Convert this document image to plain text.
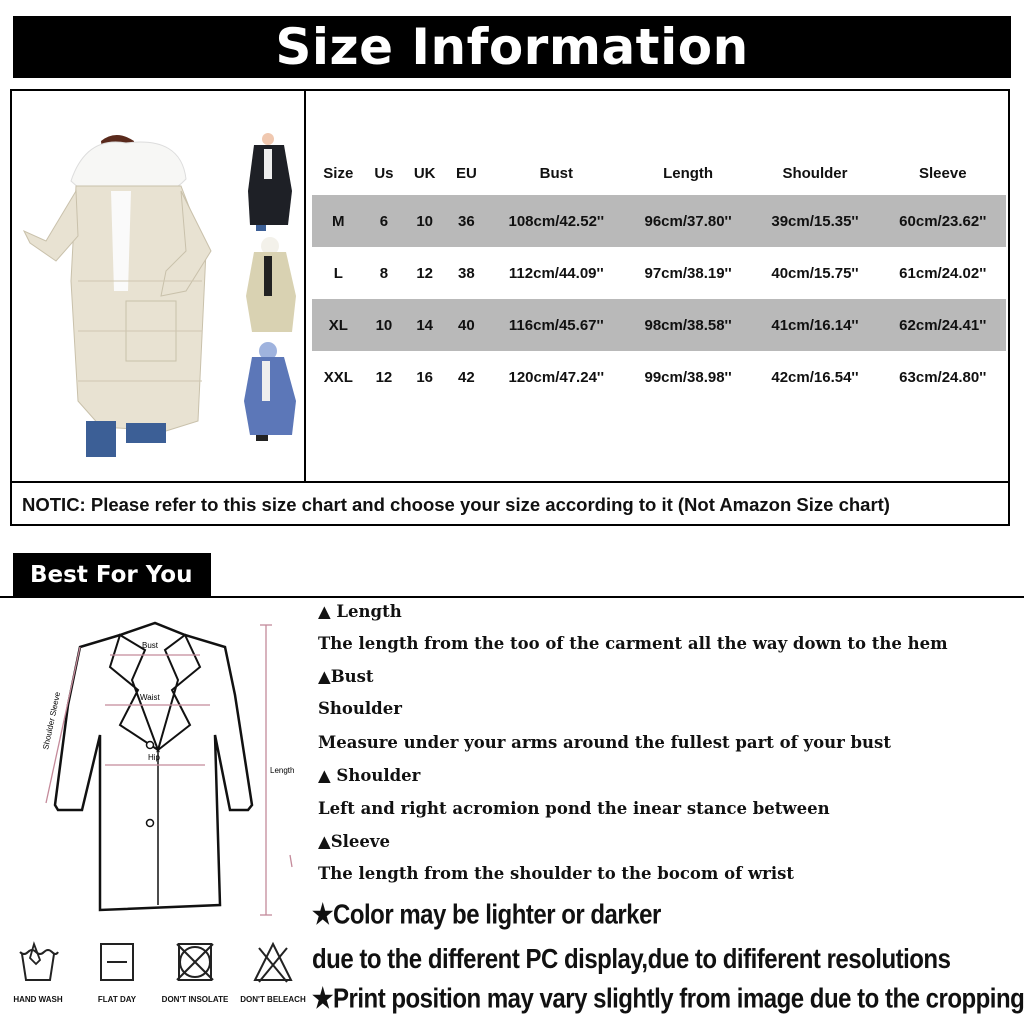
Size Information
Size	Us	UK	EU	Bust	Length	Shoulder	Sleeve
M	6	10	36	108cm/42.52''	96cm/37.80''	39cm/15.35''	60cm/23.62''
L	8	12	38	112cm/44.09''	97cm/38.19''	40cm/15.75''	61cm/24.02''
XL	10	14	40	116cm/45.67''	98cm/38.58''	41cm/16.14''	62cm/24.41''
XXL	12	16	42	120cm/47.24''	99cm/38.98''	42cm/16.54''	63cm/24.80''
NOTIC: Please refer to this size chart and choose your size according to it (Not Amazon Size chart)
Best For You
Bust
Waist
Hip
Length
Shoulder Sleeve
▲ Length
The length from the too of the carment all the way down to the hem
▲Bust
Shoulder
Measure under your arms around the fullest part of your bust
▲ Shoulder
Left and right acromion pond the inear stance between
▲Sleeve
The length from the shoulder to the bocom of wrist
★Color may be lighter or darker
due to the different PC display,due to dififerent resolutions
★Print position may vary slightly from image due to the cropping
HAND WASH	FLAT DAY	DON'T INSOLATE DON'T BELEACH
